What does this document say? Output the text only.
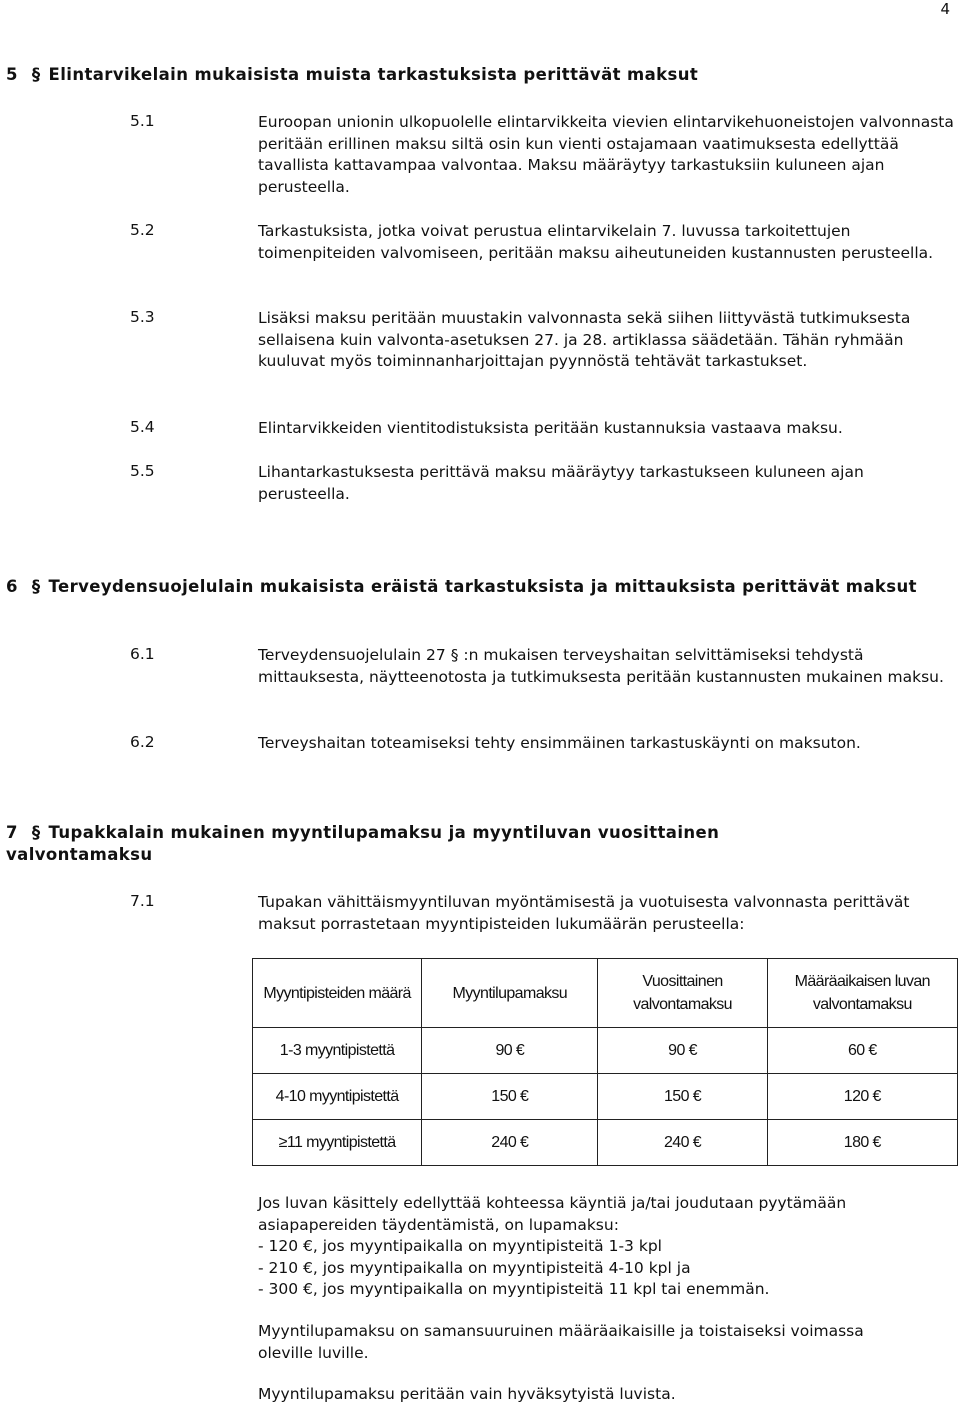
4
5 § Elintarvikelain mukaisista muista tarkastuksista perittävät maksut
5.1	Euroopan unionin ulkopuolelle elintarvikkeita vievien elintarvikehuoneistojen valvonnasta peritään erillinen maksu siltä osin kun vienti ostajamaan vaatimuksesta edellyttää tavallista kattavampaa valvontaa. Maksu määräytyy tarkastuksiin kuluneen ajan perusteella.
5.2	Tarkastuksista, jotka voivat perustua elintarvikelain 7. luvussa tarkoitettujen toimenpiteiden valvomiseen, peritään maksu aiheutuneiden kustannusten perusteella.
5.3	Lisäksi maksu peritään muustakin valvonnasta sekä siihen liittyvästä tutkimuksesta sellaisena kuin valvonta-asetuksen 27. ja 28. artiklassa säädetään. Tähän ryhmään kuuluvat myös toiminnanharjoittajan pyynnöstä tehtävät tarkastukset.
5.4	Elintarvikkeiden vientitodistuksista peritään kustannuksia vastaava maksu.
5.5	Lihantarkastuksesta perittävä maksu määräytyy tarkastukseen kuluneen ajan perusteella.
6 § Terveydensuojelulain mukaisista eräistä tarkastuksista ja mittauksista perittävät maksut
6.1	Terveydensuojelulain 27 § :n mukaisen terveyshaitan selvittämiseksi tehdystä mittauksesta, näytteenotosta ja tutkimuksesta peritään kustannusten mukainen maksu.
6.2	Terveyshaitan toteamiseksi tehty ensimmäinen tarkastuskäynti on maksuton.
7 § Tupakkalain mukainen myyntilupamaksu ja myyntiluvan vuosittainen valvontamaksu
7.1	Tupakan vähittäismyyntiluvan myöntämisestä ja vuotuisesta valvonnasta perittävät maksut porrastetaan myyntipisteiden lukumäärän perusteella:
Myyntipisteiden määrä	Myyntilupamaksu	Vuosittainen valvontamaksu	Määräaikaisen luvan valvontamaksu
1-3 myyntipistettä	90 €	90 €	60 €
4-10 myyntipistettä	150 €	150 €	120 €
≥11 myyntipistettä	240 €	240 €	180 €
Jos luvan käsittely edellyttää kohteessa käyntiä ja/tai joudutaan pyytämään
asiapapereiden täydentämistä, on lupamaksu:
- 120 €, jos myyntipaikalla on myyntipisteitä 1-3 kpl
- 210 €, jos myyntipaikalla on myyntipisteitä 4-10 kpl ja
- 300 €, jos myyntipaikalla on myyntipisteitä 11 kpl tai enemmän.
Myyntilupamaksu on samansuuruinen määräaikaisille ja toistaiseksi voimassa
oleville luville.
Myyntilupamaksu peritään vain hyväksytyistä luvista.
